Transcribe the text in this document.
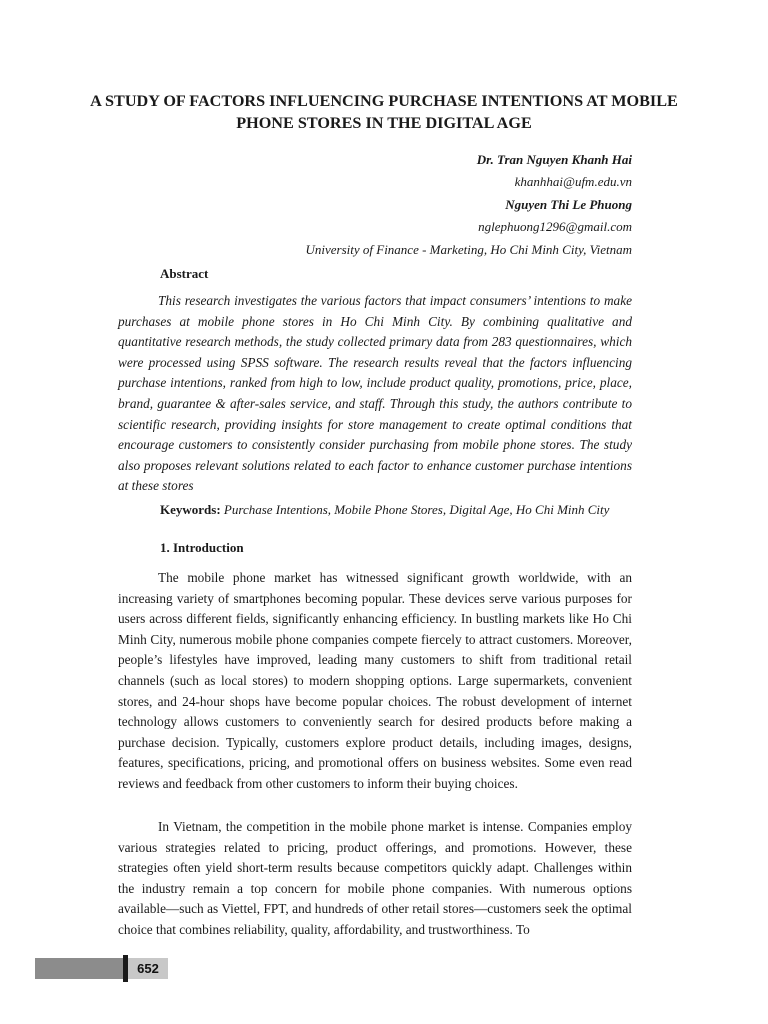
A STUDY OF FACTORS INFLUENCING PURCHASE INTENTIONS AT MOBILE PHONE STORES IN THE DIGITAL AGE
Dr. Tran Nguyen Khanh Hai
khanhhai@ufm.edu.vn
Nguyen Thi Le Phuong
nglephuong1296@gmail.com
University of Finance - Marketing, Ho Chi Minh City, Vietnam
Abstract

This research investigates the various factors that impact consumers’ intentions to make purchases at mobile phone stores in Ho Chi Minh City. By combining qualitative and quantitative research methods, the study collected primary data from 283 questionnaires, which were processed using SPSS software. The research results reveal that the factors influencing purchase intentions, ranked from high to low, include product quality, promotions, price, place, brand, guarantee & after-sales service, and staff. Through this study, the authors contribute to scientific research, providing insights for store management to create optimal conditions that encourage customers to consistently consider purchasing from mobile phone stores. The study also proposes relevant solutions related to each factor to enhance customer purchase intentions at these stores

Keywords: Purchase Intentions, Mobile Phone Stores, Digital Age, Ho Chi Minh City

1. Introduction

The mobile phone market has witnessed significant growth worldwide, with an increasing variety of smartphones becoming popular. These devices serve various purposes for users across different fields, significantly enhancing efficiency. In bustling markets like Ho Chi Minh City, numerous mobile phone companies compete fiercely to attract customers. Moreover, people’s lifestyles have improved, leading many customers to shift from traditional retail channels (such as local stores) to modern shopping options. Large supermarkets, convenient stores, and 24-hour shops have become popular choices. The robust development of internet technology allows customers to conveniently search for desired products before making a purchase decision. Typically, customers explore product details, including images, designs, features, specifications, pricing, and promotional offers on business websites. Some even read reviews and feedback from other customers to inform their buying choices.

In Vietnam, the competition in the mobile phone market is intense. Companies employ various strategies related to pricing, product offerings, and promotions. However, these strategies often yield short-term results because competitors quickly adapt. Challenges within the industry remain a top concern for mobile phone companies. With numerous options available—such as Viettel, FPT, and hundreds of other retail stores—customers seek the optimal choice that combines reliability, quality, affordability, and trustworthiness. To

652
